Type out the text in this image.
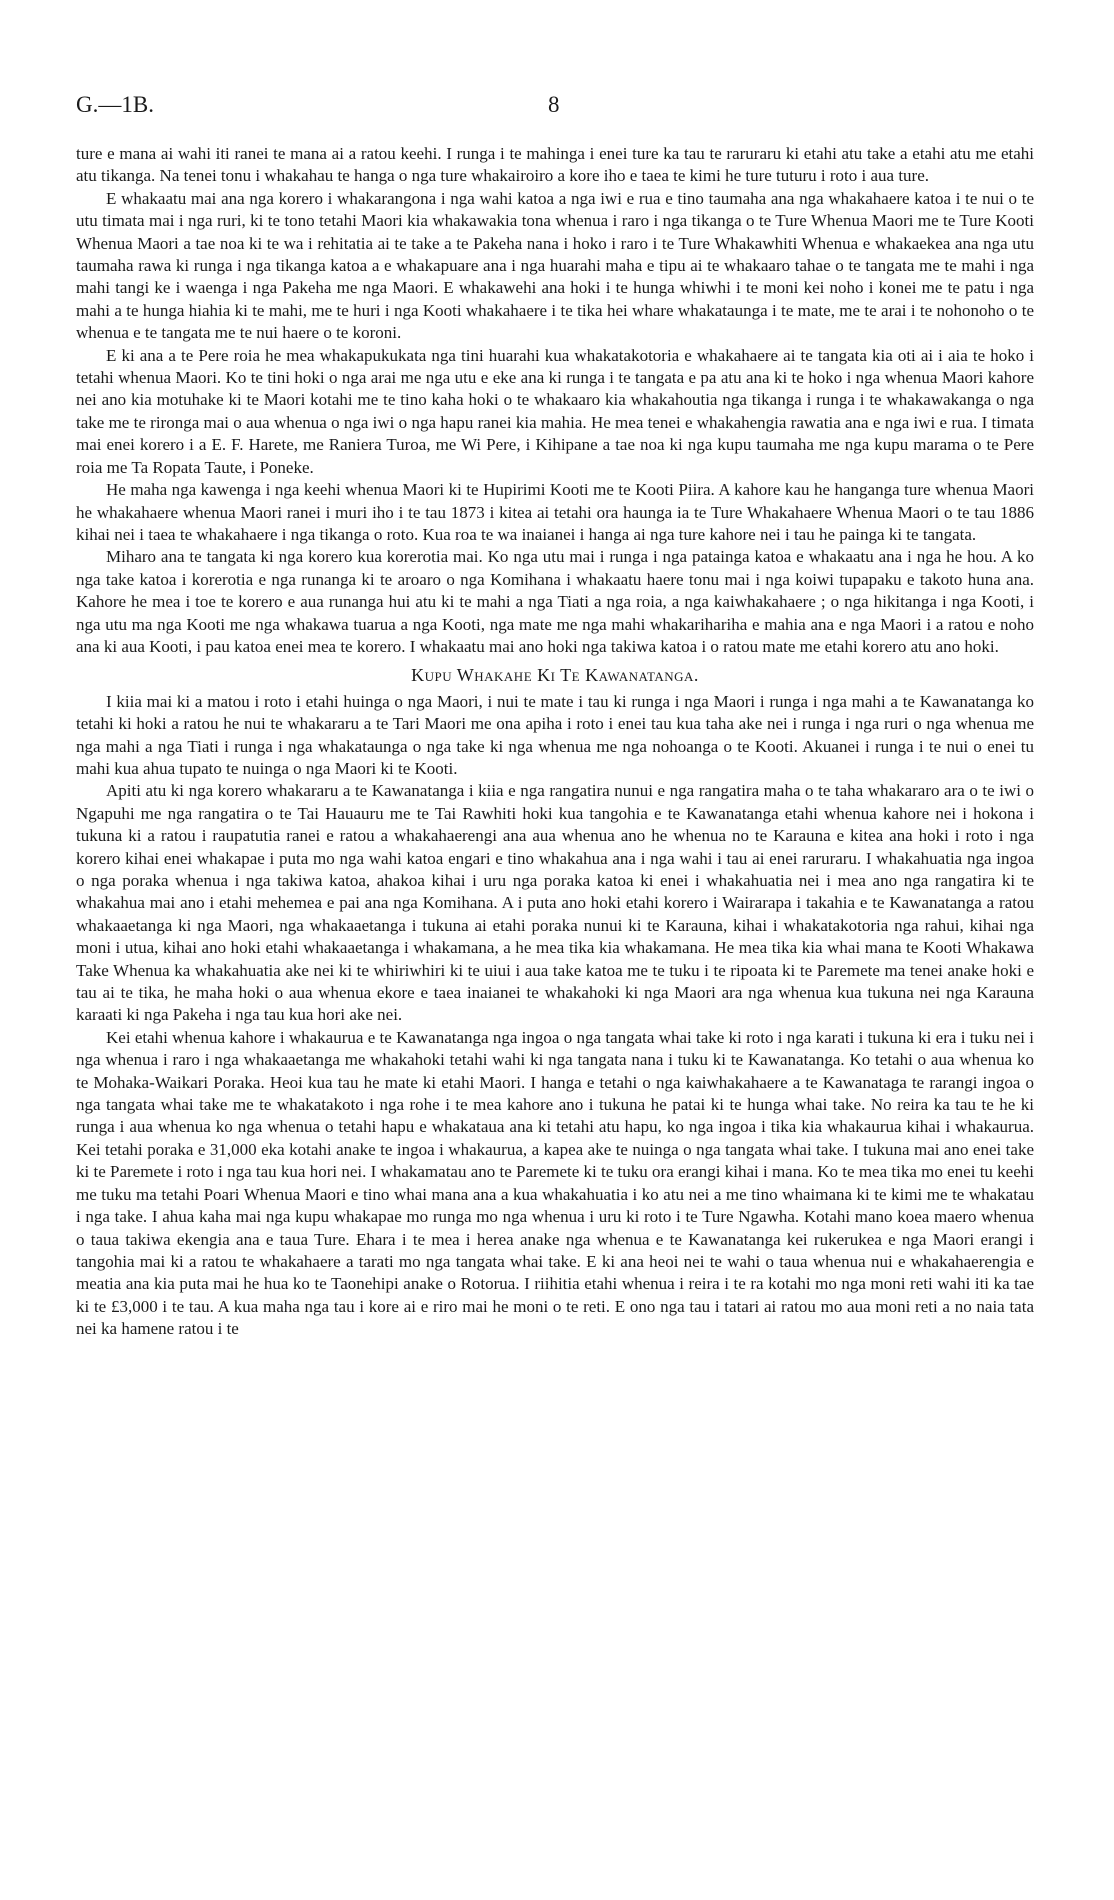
G.—1B.	8

ture e mana ai wahi iti ranei te mana ai a ratou keehi. I runga i te mahinga i enei ture ka tau te raruraru ki etahi atu take a etahi atu me etahi atu tikanga. Na tenei tonu i whakahau te hanga o nga ture whakairoiro a kore iho e taea te kimi he ture tuturu i roto i aua ture.

E whakaatu mai ana nga korero i whakarangona i nga wahi katoa a nga iwi e rua e tino taumaha ana nga whakahaere katoa i te nui o te utu timata mai i nga ruri, ki te tono tetahi Maori kia whakawakia tona whenua i raro i nga tikanga o te Ture Whenua Maori me te Ture Kooti Whenua Maori a tae noa ki te wa i rehitatia ai te take a te Pakeha nana i hoko i raro i te Ture Whakawhiti Whenua e whakaekea ana nga utu taumaha rawa ki runga i nga tikanga katoa a e whakapuare ana i nga huarahi maha e tipu ai te whakaaro tahae o te tangata me te mahi i nga mahi tangi ke i waenga i nga Pakeha me nga Maori. E whakawehi ana hoki i te hunga whiwhi i te moni kei noho i konei me te patu i nga mahi a te hunga hiahia ki te mahi, me te huri i nga Kooti whakahaere i te tika hei whare whakataunga i te mate, me te arai i te nohonoho o te whenua e te tangata me te nui haere o te koroni.

E ki ana a te Pere roia he mea whakapukukata nga tini huarahi kua whakatakotoria e whakahaere ai te tangata kia oti ai i aia te hoko i tetahi whenua Maori. Ko te tini hoki o nga arai me nga utu e eke ana ki runga i te tangata e pa atu ana ki te hoko i nga whenua Maori kahore nei ano kia motuhake ki te Maori kotahi me te tino kaha hoki o te whakaaro kia whakahoutia nga tikanga i runga i te whakawakanga o nga take me te rironga mai o aua whenua o nga iwi o nga hapu ranei kia mahia. He mea tenei e whakahengia rawatia ana e nga iwi e rua. I timata mai enei korero i a E. F. Harete, me Raniera Turoa, me Wi Pere, i Kihipane a tae noa ki nga kupu taumaha me nga kupu marama o te Pere roia me Ta Ropata Taute, i Poneke.

He maha nga kawenga i nga keehi whenua Maori ki te Hupirimi Kooti me te Kooti Piira. A kahore kau he hanganga ture whenua Maori he whakahaere whenua Maori ranei i muri iho i te tau 1873 i kitea ai tetahi ora haunga ia te Ture Whakahaere Whenua Maori o te tau 1886 kihai nei i taea te whakahaere i nga tikanga o roto. Kua roa te wa inaianei i hanga ai nga ture kahore nei i tau he painga ki te tangata.

Miharo ana te tangata ki nga korero kua korerotia mai. Ko nga utu mai i runga i nga patainga katoa e whakaatu ana i nga he hou. A ko nga take katoa i korerotia e nga runanga ki te aroaro o nga Komihana i whakaatu haere tonu mai i nga koiwi tupapaku e takoto huna ana. Kahore he mea i toe te korero e aua runanga hui atu ki te mahi a nga Tiati a nga roia, a nga kaiwhakahaere ; o nga hikitanga i nga Kooti, i nga utu ma nga Kooti me nga whakawa tuarua a nga Kooti, nga mate me nga mahi whakarihariha e mahia ana e nga Maori i a ratou e noho ana ki aua Kooti, i pau katoa enei mea te korero. I whakaatu mai ano hoki nga takiwa katoa i o ratou mate me etahi korero atu ano hoki.

Kupu Whakahe Ki Te Kawanatanga.

I kiia mai ki a matou i roto i etahi huinga o nga Maori, i nui te mate i tau ki runga i nga Maori i runga i nga mahi a te Kawanatanga ko tetahi ki hoki a ratou he nui te whakararu a te Tari Maori me ona apiha i roto i enei tau kua taha ake nei i runga i nga ruri o nga whenua me nga mahi a nga Tiati i runga i nga whakataunga o nga take ki nga whenua me nga nohoanga o te Kooti. Akuanei i runga i te nui o enei tu mahi kua ahua tupato te nuinga o nga Maori ki te Kooti.

Apiti atu ki nga korero whakararu a te Kawanatanga i kiia e nga rangatira nunui e nga rangatira maha o te taha whakararo ara o te iwi o Ngapuhi me nga rangatira o te Tai Hauauru me te Tai Rawhiti hoki kua tangohia e te Kawanatanga etahi whenua kahore nei i hokona i tukuna ki a ratou i raupatutia ranei e ratou a whakahaerengi ana aua whenua ano he whenua no te Karauna e kitea ana hoki i roto i nga korero kihai enei whakapae i puta mo nga wahi katoa engari e tino whakahua ana i nga wahi i tau ai enei raruraru. I whakahuatia nga ingoa o nga poraka whenua i nga takiwa katoa, ahakoa kihai i uru nga poraka katoa ki enei i whakahuatia nei i mea ano nga rangatira ki te whakahua mai ano i etahi mehemea e pai ana nga Komihana. A i puta ano hoki etahi korero i Wairarapa i takahia e te Kawanatanga a ratou whakaaetanga ki nga Maori, nga whakaaetanga i tukuna ai etahi poraka nunui ki te Karauna, kihai i whakatakotoria nga rahui, kihai nga moni i utua, kihai ano hoki etahi whakaaetanga i whakamana, a he mea tika kia whakamana. He mea tika kia whai mana te Kooti Whakawa Take Whenua ka whakahuatia ake nei ki te whiriwhiri ki te uiui i aua take katoa me te tuku i te ripoata ki te Paremete ma tenei anake hoki e tau ai te tika, he maha hoki o aua whenua ekore e taea inaianei te whakahoki ki nga Maori ara nga whenua kua tukuna nei nga Karauna karaati ki nga Pakeha i nga tau kua hori ake nei.

Kei etahi whenua kahore i whakaurua e te Kawanatanga nga ingoa o nga tangata whai take ki roto i nga karati i tukuna ki era i tuku nei i nga whenua i raro i nga whakaaetanga me whakahoki tetahi wahi ki nga tangata nana i tuku ki te Kawanatanga. Ko tetahi o aua whenua ko te Mohaka-Waikari Poraka. Heoi kua tau he mate ki etahi Maori. I hanga e tetahi o nga kaiwhakahaere a te Kawanataga te rarangi ingoa o nga tangata whai take me te whakatakoto i nga rohe i te mea kahore ano i tukuna he patai ki te hunga whai take. No reira ka tau te he ki runga i aua whenua ko nga whenua o tetahi hapu e whakataua ana ki tetahi atu hapu, ko nga ingoa i tika kia whakaurua kihai i whakaurua. Kei tetahi poraka e 31,000 eka kotahi anake te ingoa i whakaurua, a kapea ake te nuinga o nga tangata whai take. I tukuna mai ano enei take ki te Paremete i roto i nga tau kua hori nei. I whakamatau ano te Paremete ki te tuku ora erangi kihai i mana. Ko te mea tika mo enei tu keehi me tuku ma tetahi Poari Whenua Maori e tino whai mana ana a kua whakahuatia i ko atu nei a me tino whaimana ki te kimi me te whakatau i nga take. I ahua kaha mai nga kupu whakapae mo runga mo nga whenua i uru ki roto i te Ture Ngawha. Kotahi mano koea maero whenua o taua takiwa ekengia ana e taua Ture. Ehara i te mea i herea anake nga whenua e te Kawanatanga kei rukerukea e nga Maori erangi i tangohia mai ki a ratou te whakahaere a tarati mo nga tangata whai take. E ki ana heoi nei te wahi o taua whenua nui e whakahaerengia e meatia ana kia puta mai he hua ko te Taonehipi anake o Rotorua. I riihitia etahi whenua i reira i te ra kotahi mo nga moni reti wahi iti ka tae ki te £3,000 i te tau. A kua maha nga tau i kore ai e riro mai he moni o te reti. E ono nga tau i tatari ai ratou mo aua moni reti a no naia tata nei ka hamene ratou i te
